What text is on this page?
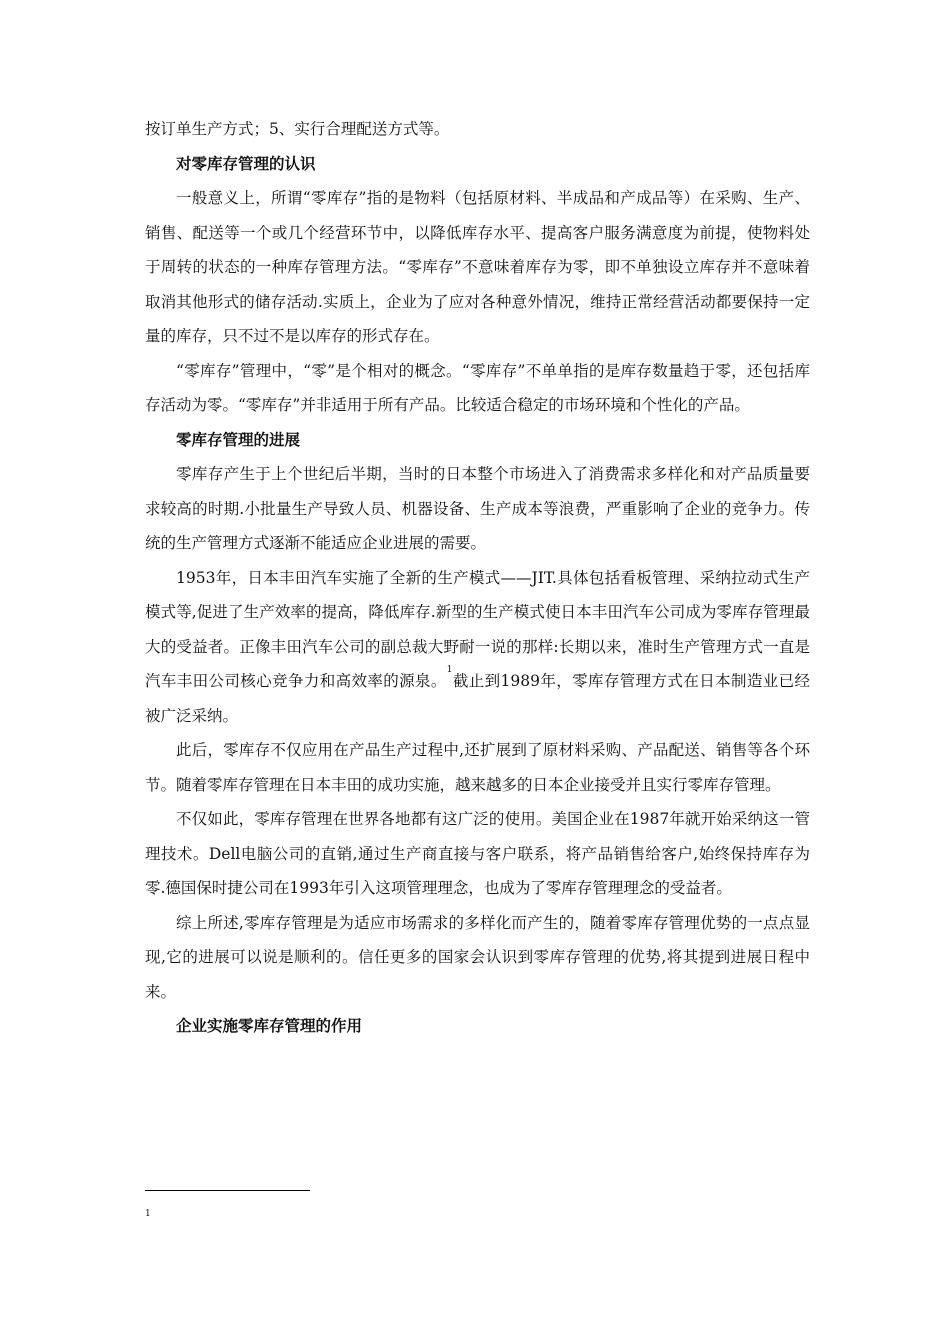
按订单生产方式；5、实行合理配送方式等。

对零库存管理的认识

一般意义上，所谓“零库存”指的是物料（包括原材料、半成品和产成品等）在采购、生产、销售、配送等一个或几个经营环节中，以降低库存水平、提高客户服务满意度为前提，使物料处于周转的状态的一种库存管理方法。“零库存”不意味着库存为零，即不单独设立库存并不意味着取消其他形式的储存活动.实质上，企业为了应对各种意外情况，维持正常经营活动都要保持一定量的库存，只不过不是以库存的形式存在。

“零库存”管理中，“零”是个相对的概念。“零库存”不单单指的是库存数量趋于零，还包括库存活动为零。“零库存”并非适用于所有产品。比较适合稳定的市场环境和个性化的产品。

零库存管理的进展

零库存产生于上个世纪后半期，当时的日本整个市场进入了消费需求多样化和对产品质量要求较高的时期.小批量生产导致人员、机器设备、生产成本等浪费，严重影响了企业的竞争力。传统的生产管理方式逐渐不能适应企业进展的需要。

1953年，日本丰田汽车实施了全新的生产模式——JIT.具体包括看板管理、采纳拉动式生产模式等,促进了生产效率的提高，降低库存.新型的生产模式使日本丰田汽车公司成为零库存管理最大的受益者。正像丰田汽车公司的副总裁大野耐一说的那样:长期以来，准时生产管理方式一直是汽车丰田公司核心竞争力和高效率的源泉。$^1$截止到1989年，零库存管理方式在日本制造业已经被广泛采纳。

此后，零库存不仅应用在产品生产过程中,还扩展到了原材料采购、产品配送、销售等各个环节。随着零库存管理在日本丰田的成功实施，越来越多的日本企业接受并且实行零库存管理。

不仅如此，零库存管理在世界各地都有这广泛的使用。美国企业在1987年就开始采纳这一管理技术。Dell电脑公司的直销,通过生产商直接与客户联系，将产品销售给客户,始终保持库存为零.德国保时捷公司在1993年引入这项管理理念，也成为了零库存管理理念的受益者。

综上所述,零库存管理是为适应市场需求的多样化而产生的，随着零库存管理优势的一点点显现,它的进展可以说是顺利的。信任更多的国家会认识到零库存管理的优势,将其提到进展日程中来。

企业实施零库存管理的作用
1
